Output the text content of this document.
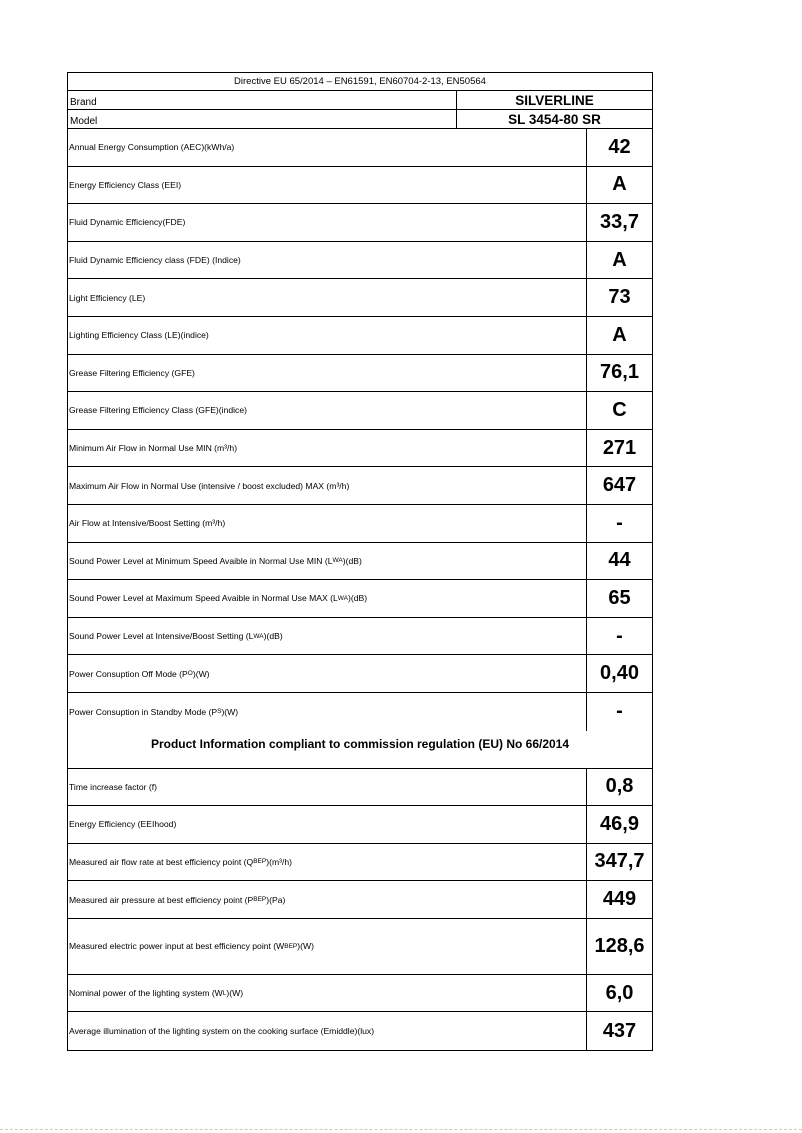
Directive EU 65/2014 – EN61591, EN60704-2-13, EN50564
Brand	SILVERLINE
Model	SL 3454-80 SR
Annual Energy Consumption (AEC)(kWh/a)	42
Energy Efficiency Class (EEI)	A
Fluid Dynamic Efficiency(FDE)	33,7
Fluid Dynamic Efficiency class (FDE) (Indice)	A
Light Efficiency (LE)	73
Lighting Efficiency Class (LE)(indice)	A
Grease Filtering Efficiency (GFE)	76,1
Grease Filtering Efficiency Class (GFE)(indice)	C
Minimum Air Flow in Normal Use MIN (m³/h)	271
Maximum Air Flow in Normal Use (intensive / boost excluded) MAX (m³/h)	647
Air Flow at Intensive/Boost Setting (m³/h)	-
Sound Power Level at Minimum Speed Avaible in Normal Use MIN (L WA )(dB)	44
Sound Power Level at Maximum Speed Avaible in Normal Use MAX (L WA )(dB)	65
Sound Power Level at Intensive/Boost Setting (L WA )(dB)	-
Power Consuption Off Mode (P O )(W)	0,40
Power Consuption in Standby Mode (P S )(W)	-
Product Information compliant to commission regulation (EU) No 66/2014
Time increase factor (f)	0,8
Energy Efficiency (EEIhood)	46,9
Measured air flow rate at best efficiency point (Q BEP )(m³/h)	347,7
Measured air pressure at best efficiency point (P BEP )(Pa)	449
Measured electric power input at best efficiency point (W BEP )(W)	128,6
Nominal power of the lighting system (W L )(W)	6,0
Average illumination of the lighting system on the cooking surface (Emiddle)(lux)	437
